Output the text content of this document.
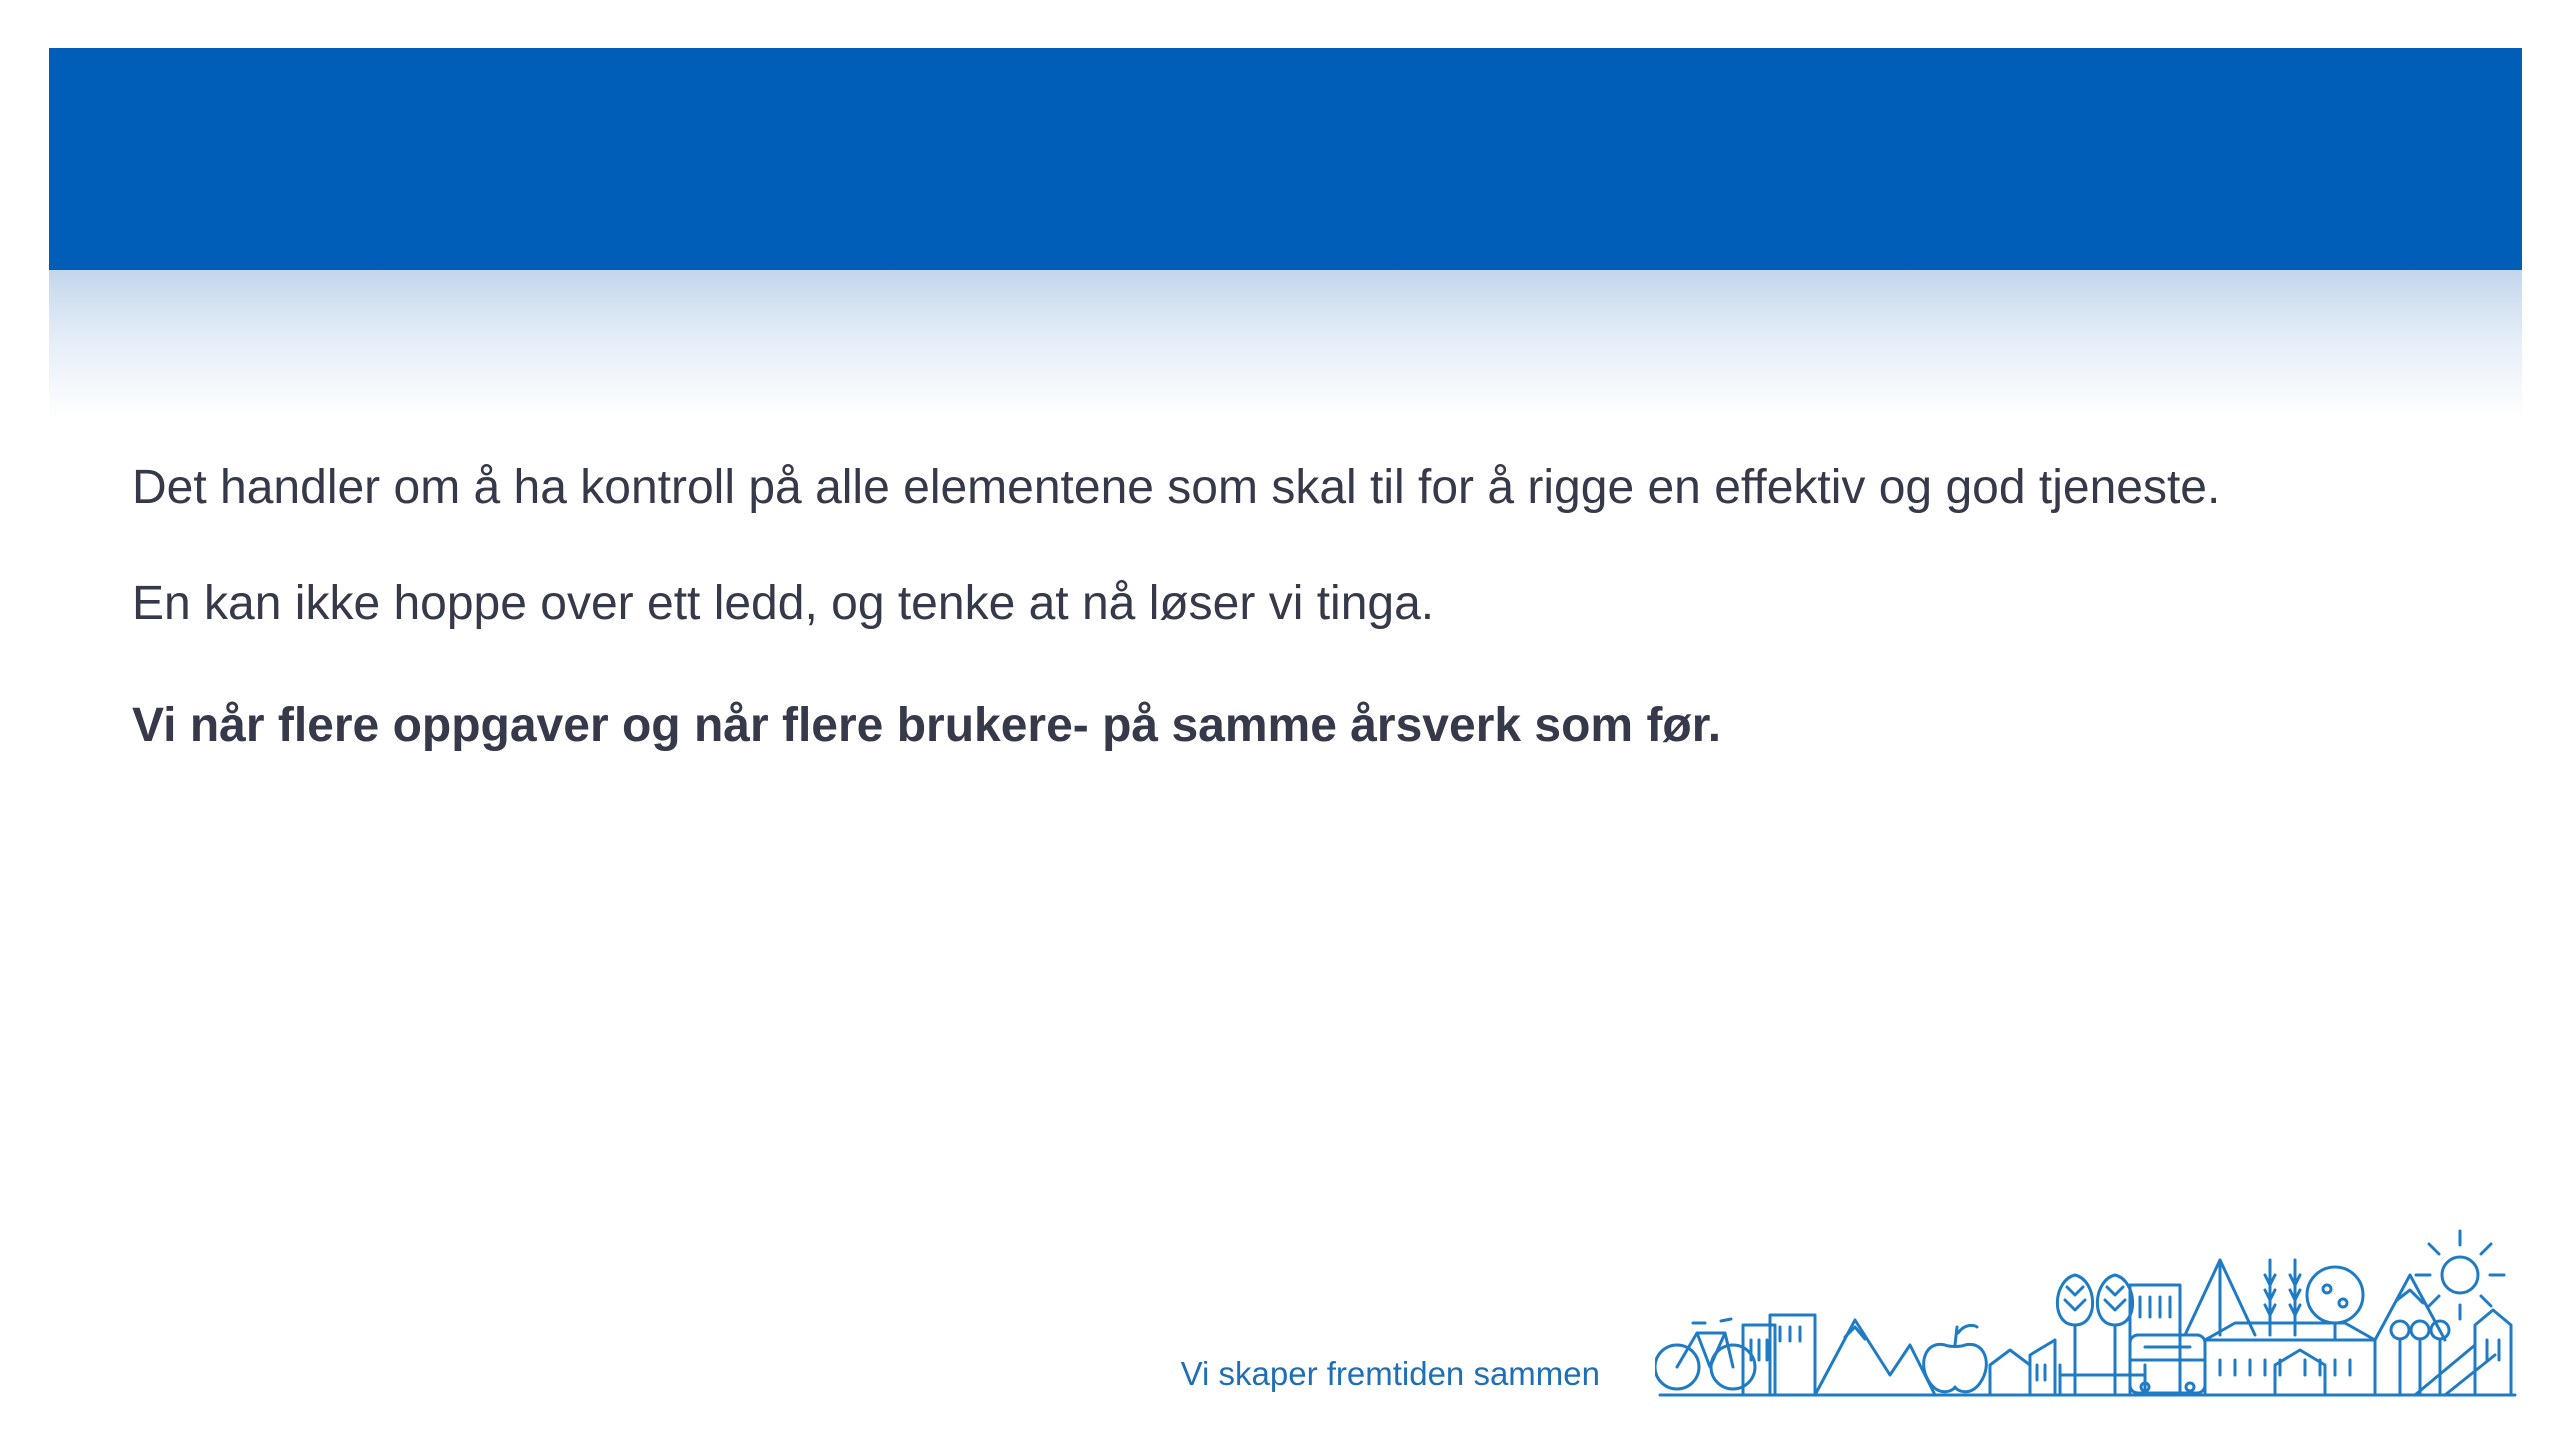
Det handler om å ha kontroll på alle elementene som skal til for å rigge en effektiv og god tjeneste.

En kan ikke hoppe over ett ledd, og tenke at nå løser vi tinga.

Vi når flere oppgaver og når flere brukere- på samme årsverk som før.

Vi skaper fremtiden sammen
